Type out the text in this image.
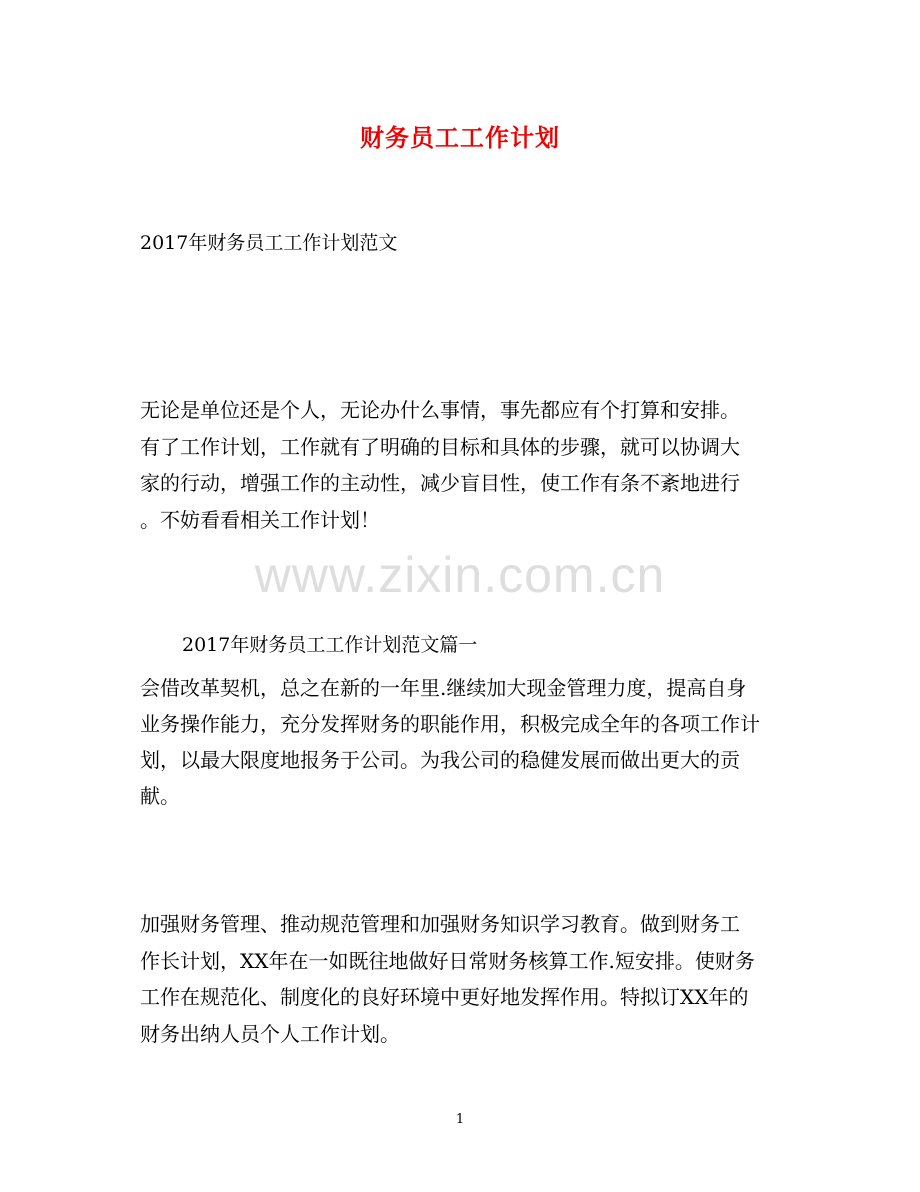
财务员工工作计划

2017年财务员工工作计划范文

无论是单位还是个人，无论办什么事情，事先都应有个打算和安排。
有了工作计划，工作就有了明确的目标和具体的步骤，就可以协调大
家的行动，增强工作的主动性，减少盲目性，使工作有条不紊地进行
。不妨看看相关工作计划！
www.zixin.com.cn

2017年财务员工工作计划范文篇一

会借改革契机，总之在新的一年里.继续加大现金管理力度，提高自身
业务操作能力，充分发挥财务的职能作用，积极完成全年的各项工作计
划，以最大限度地报务于公司。为我公司的稳健发展而做出更大的贡
献。
加强财务管理、推动规范管理和加强财务知识学习教育。做到财务工
作长计划，XX年在一如既往地做好日常财务核算工作.短安排。使财务
工作在规范化、制度化的良好环境中更好地发挥作用。特拟订XX年的
财务出纳人员个人工作计划。
1
